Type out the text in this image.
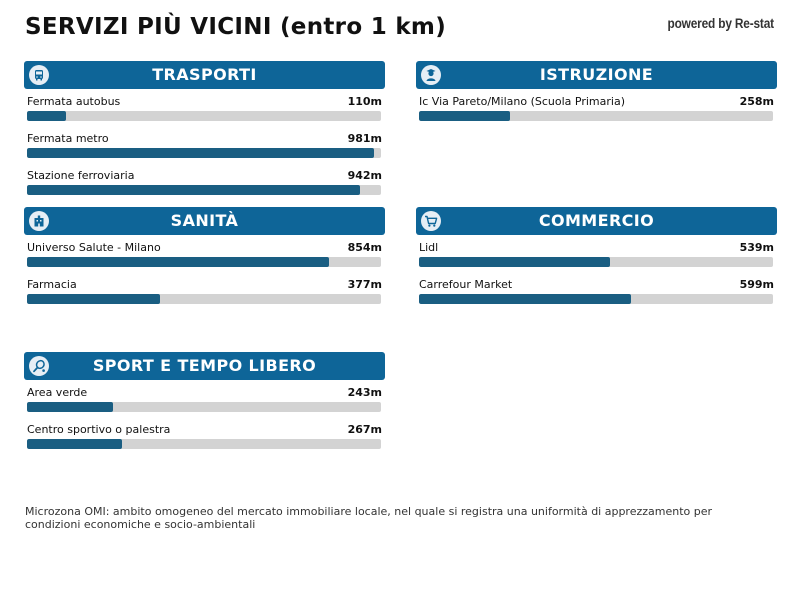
SERVIZI PIÙ VICINI (entro 1 km)	powered by Re-stat
TRASPORTI
Fermata autobus	110m
Fermata metro	981m
Stazione ferroviaria	942m
ISTRUZIONE
Ic Via Pareto/Milano (Scuola Primaria)	258m
SANITÀ
Universo Salute - Milano	854m
Farmacia	377m
COMMERCIO
Lidl	539m
Carrefour Market	599m
SPORT E TEMPO LIBERO
Area verde	243m
Centro sportivo o palestra	267m
Microzona OMI: ambito omogeneo del mercato immobiliare locale, nel quale si registra una uniformità di apprezzamento per condizioni economiche e socio-ambientali
